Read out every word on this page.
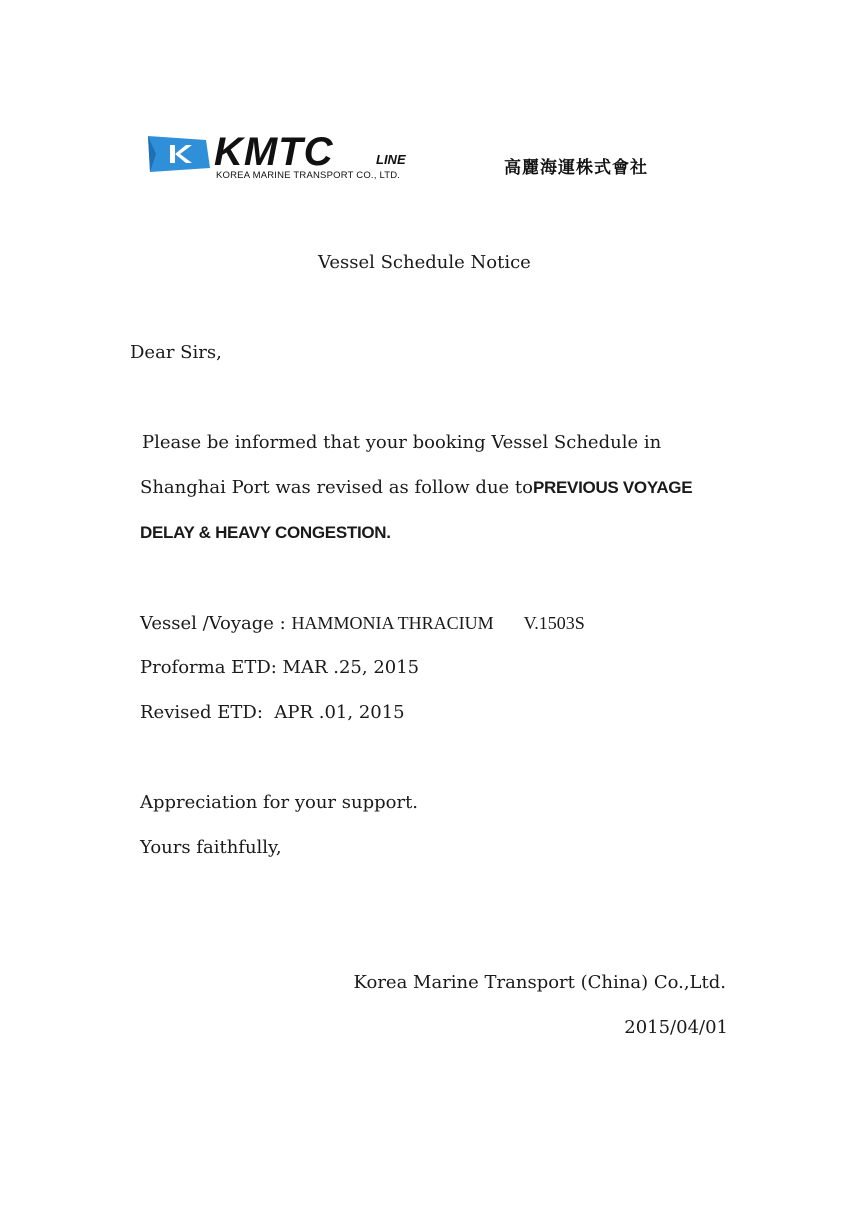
KMTC	LINE
KOREA MARINE TRANSPORT CO., LTD.	高麗海運株式會社
Vessel Schedule Notice
Dear Sirs,
Please be informed that your booking Vessel Schedule in
Shanghai Port was revised as follow due toPREVIOUS VOYAGE
DELAY & HEAVY CONGESTION.
Vessel /Voyage : HAMMONIA THRACIUM V.1503S
Proforma ETD: MAR .25, 2015
Revised ETD:  APR .01, 2015
Appreciation for your support.
Yours faithfully,
Korea Marine Transport (China) Co.,Ltd.
2015/04/01
